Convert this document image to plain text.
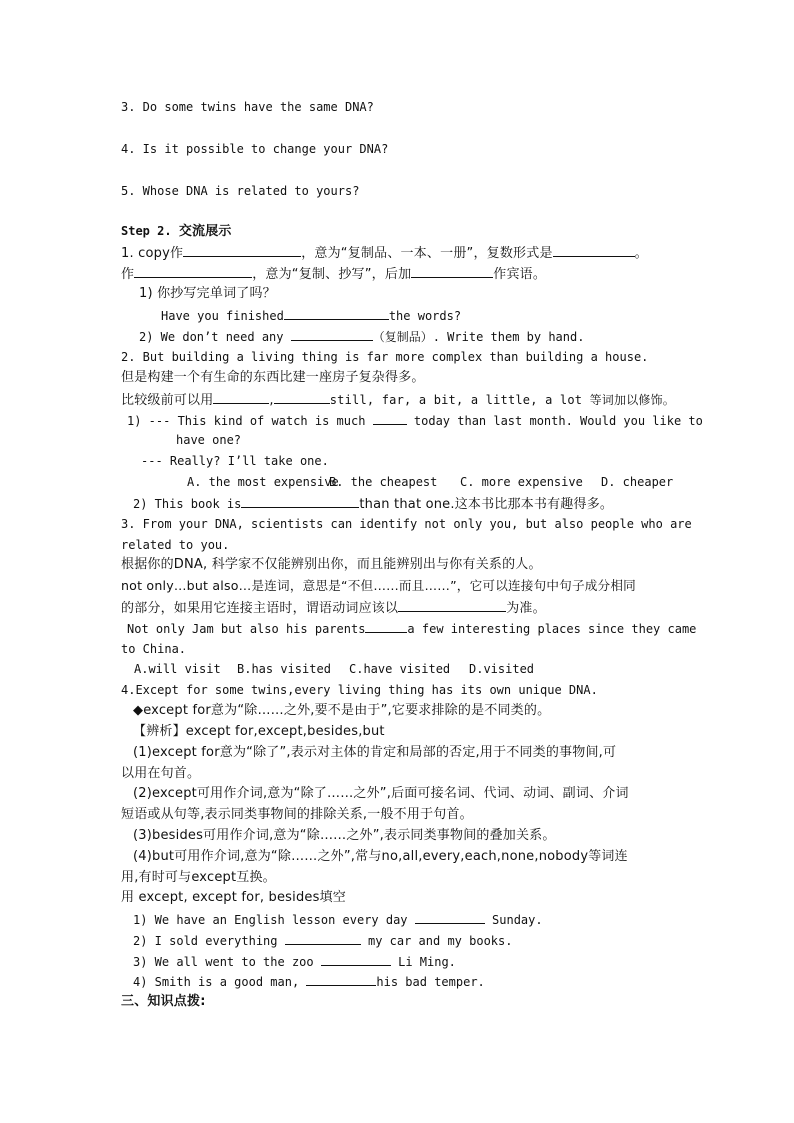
3. Do some twins have the same DNA?
4. Is it possible to change your DNA?
5. Whose DNA is related to yours?
Step 2. 交流展示
1. copy作	，意为“复制品、一本、一册”，复数形式是	。
作	，意为“复制、抄写”，后加	作宾语。
1) 你抄写完单词了吗？
Have you finished	the words?
2) We don’t need any	（复制品）. Write them by hand.
2. But building a living thing is far more complex than building a house.
但是构建一个有生命的东西比建一座房子复杂得多。
比较级前可以用	,	still, far, a bit, a little, a lot 等词加以修饰。
1) --- This kind of watch is much	today than last month. Would you like to
have one?
--- Really? I’ll take one.
A. the most expensive
B. the cheapest C. more expensive D. cheaper
2) This book is	than that one.这本书比那本书有趣得多。
3. From your DNA, scientists can identify not only you, but also people who are
related to you.
根据你的DNA, 科学家不仅能辨别出你，而且能辨别出与你有关系的人。
not only…but also…是连词，意思是“不但……而且……”，它可以连接句中句子成分相同
的部分，如果用它连接主语时，谓语动词应该以	为准。
Not only Jam but also his parents	a few interesting places since they came
to China.
A.will visit B.has visited C.have visited D.visited
4.Except for some twins,every living thing has its own unique DNA.
◆except for意为“除……之外,要不是由于”,它要求排除的是不同类的。
【辨析】except for,except,besides,but
(1)except for意为“除了”,表示对主体的肯定和局部的否定,用于不同类的事物间,可
以用在句首。
(2)except可用作介词,意为“除了……之外”,后面可接名词、代词、动词、副词、介词
短语或从句等,表示同类事物间的排除关系,一般不用于句首。
(3)besides可用作介词,意为“除……之外”,表示同类事物间的叠加关系。
(4)but可用作介词,意为“除……之外”,常与no,all,every,each,none,nobody等词连
用,有时可与except互换。
用 except, except for, besides填空
1) We have an English lesson every day	Sunday.
2) I sold everything	my car and my books.
3) We all went to the zoo	Li Ming.
4) Smith is a good man,	his bad temper.
三、知识点拨:
